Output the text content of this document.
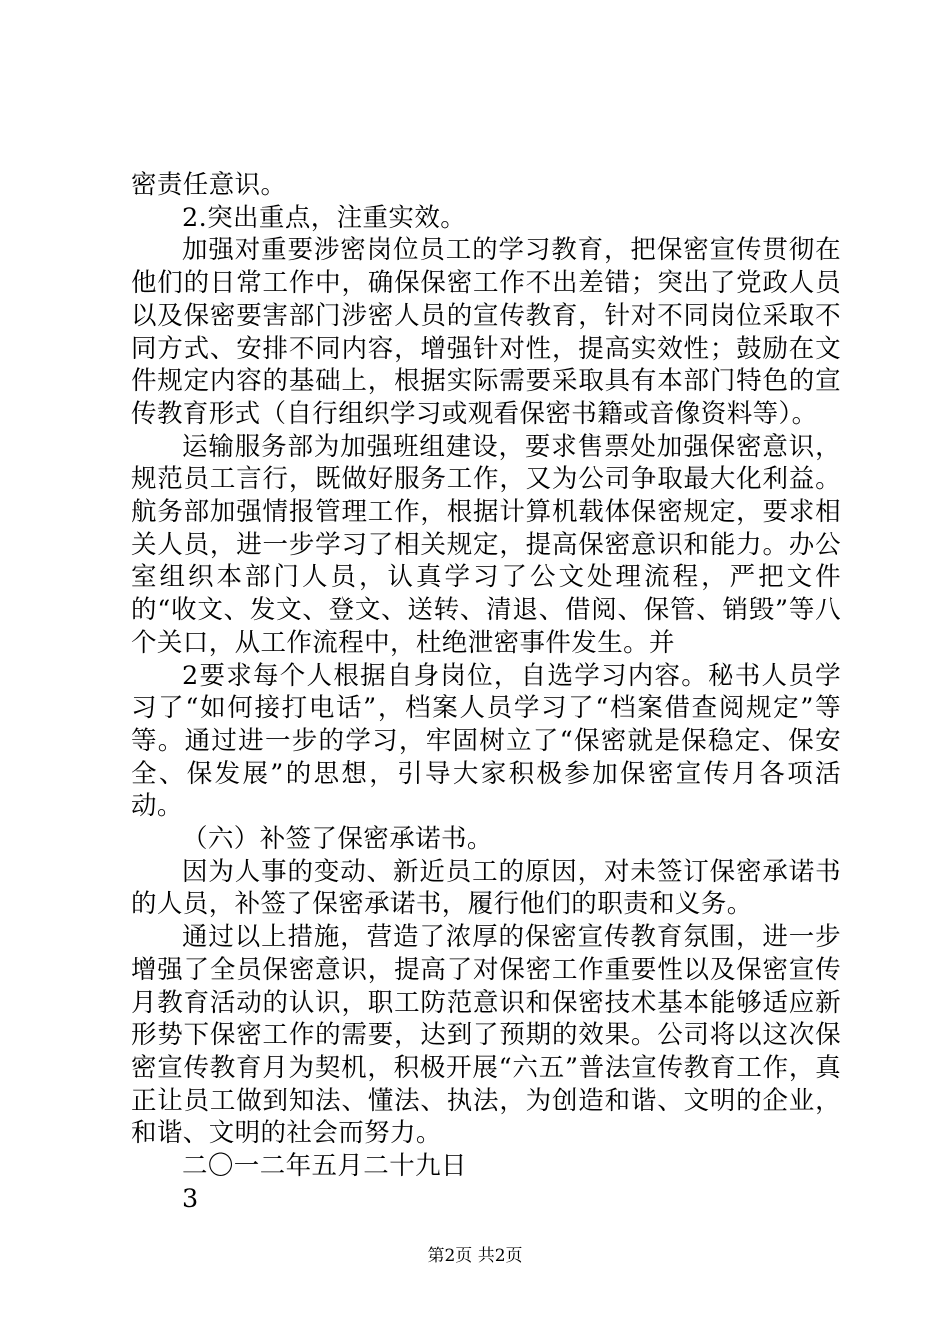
密责任意识。

2.突出重点，注重实效。

加强对重要涉密岗位员工的学习教育，把保密宣传贯彻在他们的日常工作中，确保保密工作不出差错；突出了党政人员以及保密要害部门涉密人员的宣传教育，针对不同岗位采取不同方式、安排不同内容，增强针对性，提高实效性；鼓励在文件规定内容的基础上，根据实际需要采取具有本部门特色的宣传教育形式（自行组织学习或观看保密书籍或音像资料等）。

运输服务部为加强班组建设，要求售票处加强保密意识，规范员工言行，既做好服务工作，又为公司争取最大化利益。航务部加强情报管理工作，根据计算机载体保密规定，要求相关人员，进一步学习了相关规定，提高保密意识和能力。办公室组织本部门人员，认真学习了公文处理流程，严把文件的“收文、发文、登文、送转、清退、借阅、保管、销毁”等八个关口，从工作流程中，杜绝泄密事件发生。并

2要求每个人根据自身岗位，自选学习内容。秘书人员学习了“如何接打电话”，档案人员学习了“档案借查阅规定”等等。通过进一步的学习，牢固树立了“保密就是保稳定、保安全、保发展”的思想，引导大家积极参加保密宣传月各项活动。

（六）补签了保密承诺书。

因为人事的变动、新近员工的原因，对未签订保密承诺书的人员，补签了保密承诺书，履行他们的职责和义务。

通过以上措施，营造了浓厚的保密宣传教育氛围，进一步增强了全员保密意识，提高了对保密工作重要性以及保密宣传月教育活动的认识，职工防范意识和保密技术基本能够适应新形势下保密工作的需要，达到了预期的效果。公司将以这次保密宣传教育月为契机，积极开展“六五”普法宣传教育工作，真正让员工做到知法、懂法、执法，为创造和谐、文明的企业，和谐、文明的社会而努力。

二〇一二年五月二十九日

3

第2页 共2页
